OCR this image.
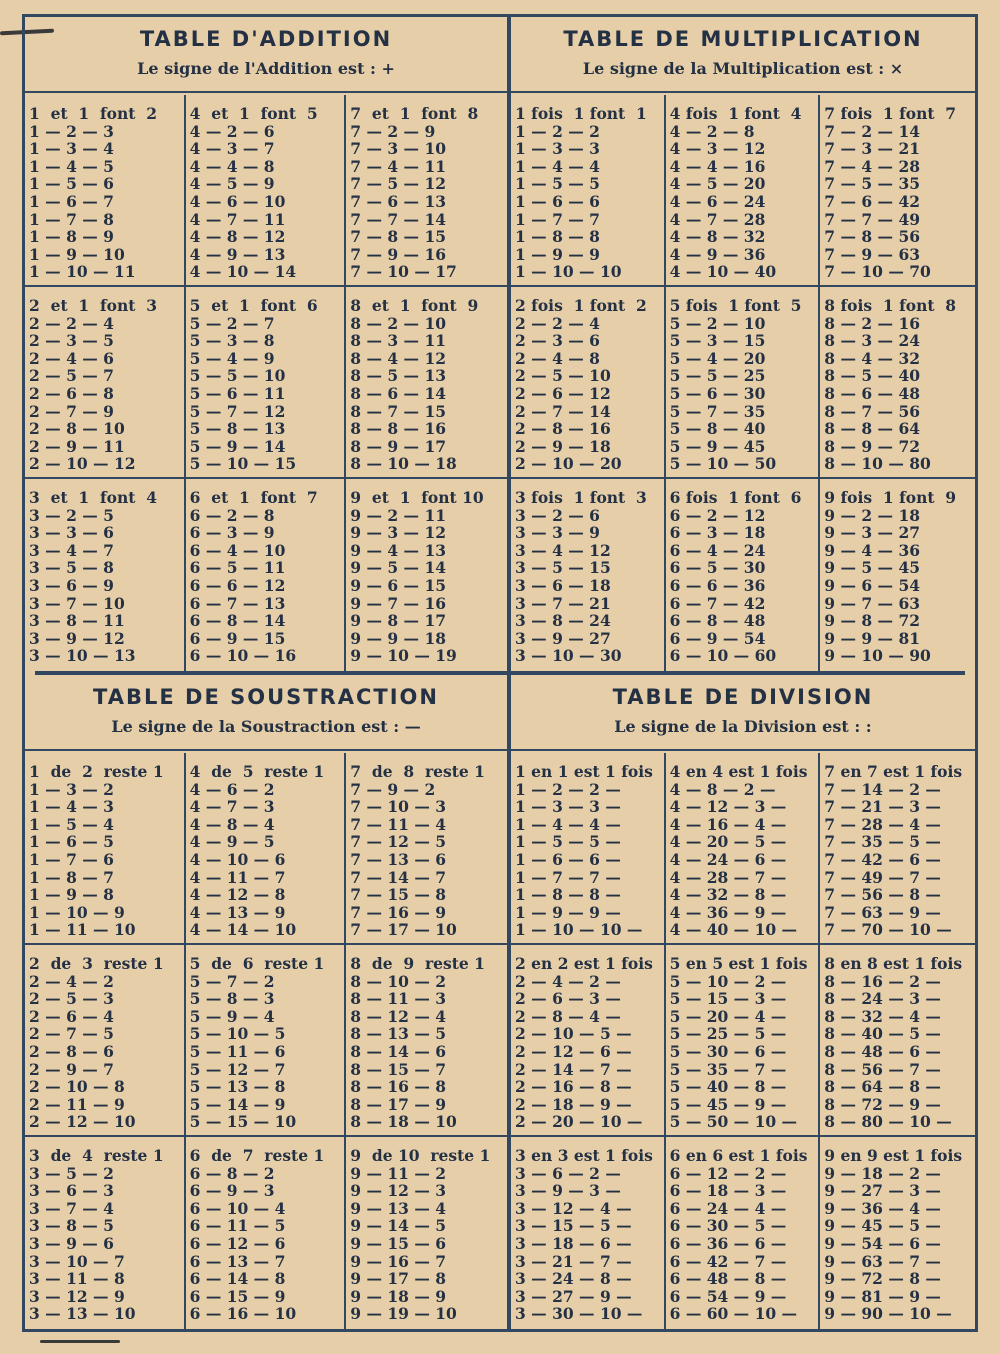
TABLE D'ADDITION
Le signe de l'Addition est : +
1  et  1  font  2
1 — 2 — 3
1 — 3 — 4
1 — 4 — 5
1 — 5 — 6
1 — 6 — 7
1 — 7 — 8
1 — 8 — 9
1 — 9 — 10
1 — 10 — 11
4  et  1  font  5
4 — 2 — 6
4 — 3 — 7
4 — 4 — 8
4 — 5 — 9
4 — 6 — 10
4 — 7 — 11
4 — 8 — 12
4 — 9 — 13
4 — 10 — 14
7  et  1  font  8
7 — 2 — 9
7 — 3 — 10
7 — 4 — 11
7 — 5 — 12
7 — 6 — 13
7 — 7 — 14
7 — 8 — 15
7 — 9 — 16
7 — 10 — 17
2  et  1  font  3
2 — 2 — 4
2 — 3 — 5
2 — 4 — 6
2 — 5 — 7
2 — 6 — 8
2 — 7 — 9
2 — 8 — 10
2 — 9 — 11
2 — 10 — 12
5  et  1  font  6
5 — 2 — 7
5 — 3 — 8
5 — 4 — 9
5 — 5 — 10
5 — 6 — 11
5 — 7 — 12
5 — 8 — 13
5 — 9 — 14
5 — 10 — 15
8  et  1  font  9
8 — 2 — 10
8 — 3 — 11
8 — 4 — 12
8 — 5 — 13
8 — 6 — 14
8 — 7 — 15
8 — 8 — 16
8 — 9 — 17
8 — 10 — 18
3  et  1  font  4
3 — 2 — 5
3 — 3 — 6
3 — 4 — 7
3 — 5 — 8
3 — 6 — 9
3 — 7 — 10
3 — 8 — 11
3 — 9 — 12
3 — 10 — 13
6  et  1  font  7
6 — 2 — 8
6 — 3 — 9
6 — 4 — 10
6 — 5 — 11
6 — 6 — 12
6 — 7 — 13
6 — 8 — 14
6 — 9 — 15
6 — 10 — 16
9  et  1  font 10
9 — 2 — 11
9 — 3 — 12
9 — 4 — 13
9 — 5 — 14
9 — 6 — 15
9 — 7 — 16
9 — 8 — 17
9 — 9 — 18
9 — 10 — 19
TABLE DE MULTIPLICATION
Le signe de la Multiplication est : ×
1 fois  1 font  1
1 — 2 — 2
1 — 3 — 3
1 — 4 — 4
1 — 5 — 5
1 — 6 — 6
1 — 7 — 7
1 — 8 — 8
1 — 9 — 9
1 — 10 — 10
4 fois  1 font  4
4 — 2 — 8
4 — 3 — 12
4 — 4 — 16
4 — 5 — 20
4 — 6 — 24
4 — 7 — 28
4 — 8 — 32
4 — 9 — 36
4 — 10 — 40
7 fois  1 font  7
7 — 2 — 14
7 — 3 — 21
7 — 4 — 28
7 — 5 — 35
7 — 6 — 42
7 — 7 — 49
7 — 8 — 56
7 — 9 — 63
7 — 10 — 70
2 fois  1 font  2
2 — 2 — 4
2 — 3 — 6
2 — 4 — 8
2 — 5 — 10
2 — 6 — 12
2 — 7 — 14
2 — 8 — 16
2 — 9 — 18
2 — 10 — 20
5 fois  1 font  5
5 — 2 — 10
5 — 3 — 15
5 — 4 — 20
5 — 5 — 25
5 — 6 — 30
5 — 7 — 35
5 — 8 — 40
5 — 9 — 45
5 — 10 — 50
8 fois  1 font  8
8 — 2 — 16
8 — 3 — 24
8 — 4 — 32
8 — 5 — 40
8 — 6 — 48
8 — 7 — 56
8 — 8 — 64
8 — 9 — 72
8 — 10 — 80
3 fois  1 font  3
3 — 2 — 6
3 — 3 — 9
3 — 4 — 12
3 — 5 — 15
3 — 6 — 18
3 — 7 — 21
3 — 8 — 24
3 — 9 — 27
3 — 10 — 30
6 fois  1 font  6
6 — 2 — 12
6 — 3 — 18
6 — 4 — 24
6 — 5 — 30
6 — 6 — 36
6 — 7 — 42
6 — 8 — 48
6 — 9 — 54
6 — 10 — 60
9 fois  1 font  9
9 — 2 — 18
9 — 3 — 27
9 — 4 — 36
9 — 5 — 45
9 — 6 — 54
9 — 7 — 63
9 — 8 — 72
9 — 9 — 81
9 — 10 — 90
TABLE DE SOUSTRACTION
Le signe de la Soustraction est : —
1  de  2  reste 1
1 — 3 — 2
1 — 4 — 3
1 — 5 — 4
1 — 6 — 5
1 — 7 — 6
1 — 8 — 7
1 — 9 — 8
1 — 10 — 9
1 — 11 — 10
4  de  5  reste 1
4 — 6 — 2
4 — 7 — 3
4 — 8 — 4
4 — 9 — 5
4 — 10 — 6
4 — 11 — 7
4 — 12 — 8
4 — 13 — 9
4 — 14 — 10
7  de  8  reste 1
7 — 9 — 2
7 — 10 — 3
7 — 11 — 4
7 — 12 — 5
7 — 13 — 6
7 — 14 — 7
7 — 15 — 8
7 — 16 — 9
7 — 17 — 10
2  de  3  reste 1
2 — 4 — 2
2 — 5 — 3
2 — 6 — 4
2 — 7 — 5
2 — 8 — 6
2 — 9 — 7
2 — 10 — 8
2 — 11 — 9
2 — 12 — 10
5  de  6  reste 1
5 — 7 — 2
5 — 8 — 3
5 — 9 — 4
5 — 10 — 5
5 — 11 — 6
5 — 12 — 7
5 — 13 — 8
5 — 14 — 9
5 — 15 — 10
8  de  9  reste 1
8 — 10 — 2
8 — 11 — 3
8 — 12 — 4
8 — 13 — 5
8 — 14 — 6
8 — 15 — 7
8 — 16 — 8
8 — 17 — 9
8 — 18 — 10
3  de  4  reste 1
3 — 5 — 2
3 — 6 — 3
3 — 7 — 4
3 — 8 — 5
3 — 9 — 6
3 — 10 — 7
3 — 11 — 8
3 — 12 — 9
3 — 13 — 10
6  de  7  reste 1
6 — 8 — 2
6 — 9 — 3
6 — 10 — 4
6 — 11 — 5
6 — 12 — 6
6 — 13 — 7
6 — 14 — 8
6 — 15 — 9
6 — 16 — 10
9  de 10  reste 1
9 — 11 — 2
9 — 12 — 3
9 — 13 — 4
9 — 14 — 5
9 — 15 — 6
9 — 16 — 7
9 — 17 — 8
9 — 18 — 9
9 — 19 — 10
TABLE DE DIVISION
Le signe de la Division est : :
1 en 1 est 1 fois
1 — 2 — 2 —
1 — 3 — 3 —
1 — 4 — 4 —
1 — 5 — 5 —
1 — 6 — 6 —
1 — 7 — 7 —
1 — 8 — 8 —
1 — 9 — 9 —
1 — 10 — 10 —
4 en 4 est 1 fois
4 — 8 — 2 —
4 — 12 — 3 —
4 — 16 — 4 —
4 — 20 — 5 —
4 — 24 — 6 —
4 — 28 — 7 —
4 — 32 — 8 —
4 — 36 — 9 —
4 — 40 — 10 —
7 en 7 est 1 fois
7 — 14 — 2 —
7 — 21 — 3 —
7 — 28 — 4 —
7 — 35 — 5 —
7 — 42 — 6 —
7 — 49 — 7 —
7 — 56 — 8 —
7 — 63 — 9 —
7 — 70 — 10 —
2 en 2 est 1 fois
2 — 4 — 2 —
2 — 6 — 3 —
2 — 8 — 4 —
2 — 10 — 5 —
2 — 12 — 6 —
2 — 14 — 7 —
2 — 16 — 8 —
2 — 18 — 9 —
2 — 20 — 10 —
5 en 5 est 1 fois
5 — 10 — 2 —
5 — 15 — 3 —
5 — 20 — 4 —
5 — 25 — 5 —
5 — 30 — 6 —
5 — 35 — 7 —
5 — 40 — 8 —
5 — 45 — 9 —
5 — 50 — 10 —
8 en 8 est 1 fois
8 — 16 — 2 —
8 — 24 — 3 —
8 — 32 — 4 —
8 — 40 — 5 —
8 — 48 — 6 —
8 — 56 — 7 —
8 — 64 — 8 —
8 — 72 — 9 —
8 — 80 — 10 —
3 en 3 est 1 fois
3 — 6 — 2 —
3 — 9 — 3 —
3 — 12 — 4 —
3 — 15 — 5 —
3 — 18 — 6 —
3 — 21 — 7 —
3 — 24 — 8 —
3 — 27 — 9 —
3 — 30 — 10 —
6 en 6 est 1 fois
6 — 12 — 2 —
6 — 18 — 3 —
6 — 24 — 4 —
6 — 30 — 5 —
6 — 36 — 6 —
6 — 42 — 7 —
6 — 48 — 8 —
6 — 54 — 9 —
6 — 60 — 10 —
9 en 9 est 1 fois
9 — 18 — 2 —
9 — 27 — 3 —
9 — 36 — 4 —
9 — 45 — 5 —
9 — 54 — 6 —
9 — 63 — 7 —
9 — 72 — 8 —
9 — 81 — 9 —
9 — 90 — 10 —
